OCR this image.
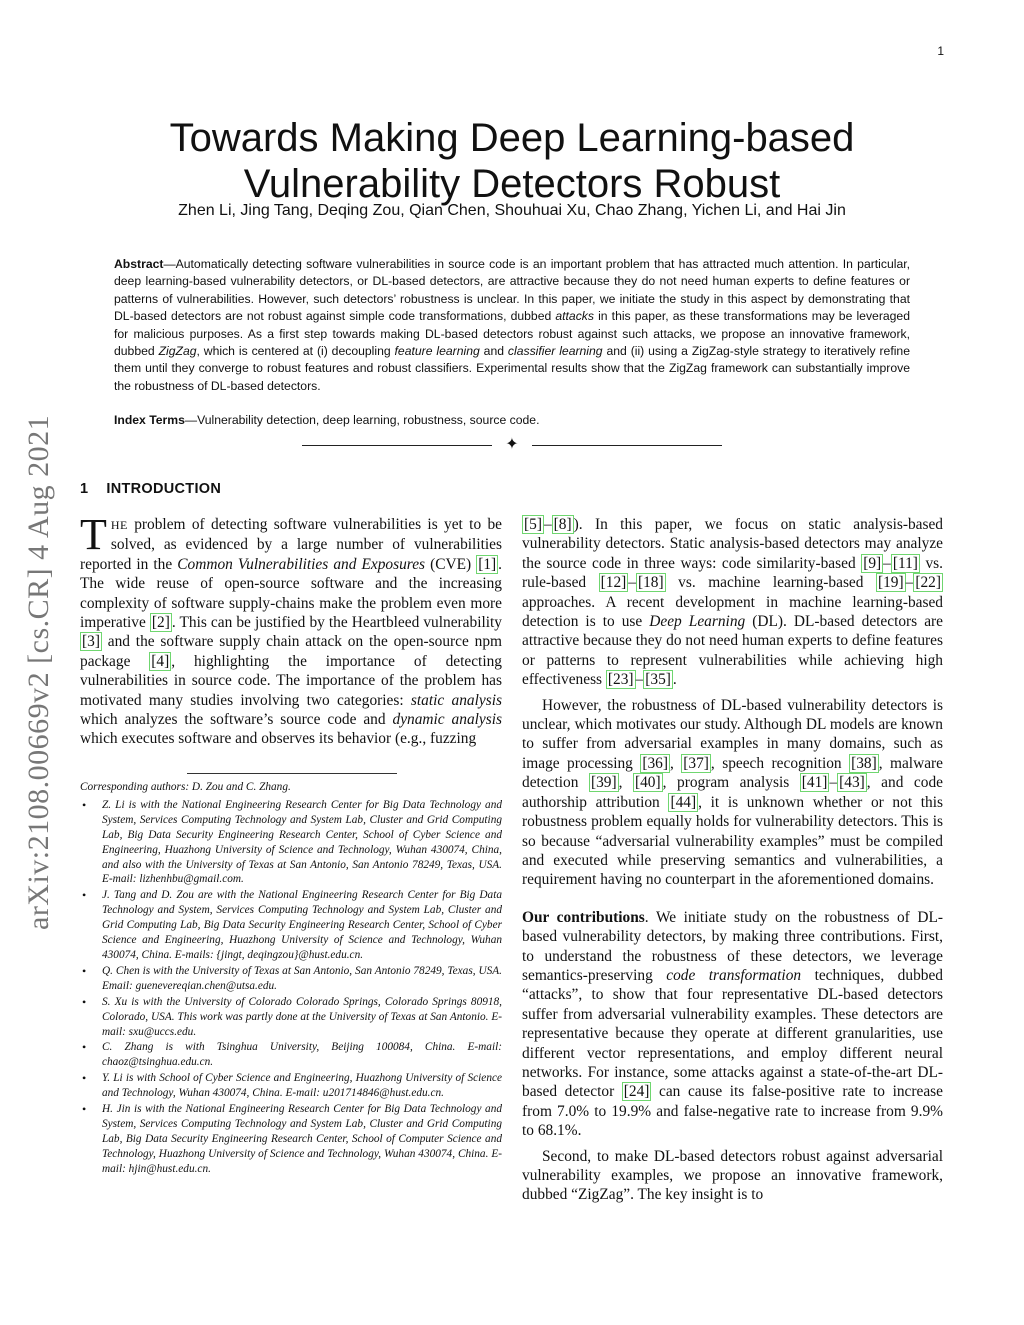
1
arXiv:2108.00669v2 [cs.CR] 4 Aug 2021
Towards Making Deep Learning-based
Vulnerability Detectors Robust
Zhen Li, Jing Tang, Deqing Zou, Qian Chen, Shouhuai Xu, Chao Zhang, Yichen Li, and Hai Jin
Abstract—Automatically detecting software vulnerabilities in source code is an important problem that has attracted much attention. In particular, deep learning-based vulnerability detectors, or DL-based detectors, are attractive because they do not need human experts to define features or patterns of vulnerabilities. However, such detectors’ robustness is unclear. In this paper, we initiate the study in this aspect by demonstrating that DL-based detectors are not robust against simple code transformations, dubbed attacks in this paper, as these transformations may be leveraged for malicious purposes. As a first step towards making DL-based detectors robust against such attacks, we propose an innovative framework, dubbed ZigZag, which is centered at (i) decoupling feature learning and classifier learning and (ii) using a ZigZag-style strategy to iteratively refine them until they converge to robust features and robust classifiers. Experimental results show that the ZigZag framework can substantially improve the robustness of DL-based detectors.
Index Terms—Vulnerability detection, deep learning, robustness, source code.
✦
1 INTRODUCTION

THE problem of detecting software vulnerabilities is yet to be solved, as evidenced by a large number of vulnerabilities reported in the Common Vulnerabilities and Exposures (CVE) [1] . The wide reuse of open-source software and the increasing complexity of software supply-chains make the problem even more imperative [2] . This can be justified by the Heartbleed vulnerability [3] and the software supply chain attack on the open-source npm package [4] , highlighting the importance of detecting vulnerabilities in source code. The importance of the problem has motivated many studies involving two categories: static analysis which analyzes the software’s source code and dynamic analysis which executes software and observes its behavior (e.g., fuzzing

Corresponding authors: D. Zou and C. Zhang.

• Z. Li is with the National Engineering Research Center for Big Data Technology and System, Services Computing Technology and System Lab, Cluster and Grid Computing Lab, Big Data Security Engineering Research Center, School of Cyber Science and Engineering, Huazhong University of Science and Technology, Wuhan 430074, China, and also with the University of Texas at San Antonio, San Antonio 78249, Texas, USA. E-mail: lizhenhbu@gmail.com.
• J. Tang and D. Zou are with the National Engineering Research Center for Big Data Technology and System, Services Computing Technology and System Lab, Cluster and Grid Computing Lab, Big Data Security Engineering Research Center, School of Cyber Science and Engineering, Huazhong University of Science and Technology, Wuhan 430074, China. E-mails: {jingt, deqingzou}@hust.edu.cn.
• Q. Chen is with the University of Texas at San Antonio, San Antonio 78249, Texas, USA. Email: guenevereqian.chen@utsa.edu.
• S. Xu is with the University of Colorado Colorado Springs, Colorado Springs 80918, Colorado, USA. This work was partly done at the University of Texas at San Antonio. E-mail: sxu@uccs.edu.
• C. Zhang is with Tsinghua University, Beijing 100084, China. E-mail: chaoz@tsinghua.edu.cn.
• Y. Li is with School of Cyber Science and Engineering, Huazhong University of Science and Technology, Wuhan 430074, China. E-mail: u201714846@hust.edu.cn.
• H. Jin is with the National Engineering Research Center for Big Data Technology and System, Services Computing Technology and System Lab, Cluster and Grid Computing Lab, Big Data Security Engineering Research Center, School of Computer Science and Technology, Huazhong University of Science and Technology, Wuhan 430074, China. E-mail: hjin@hust.edu.cn.

[5] – [8] ). In this paper, we focus on static analysis-based vulnerability detectors. Static analysis-based detectors may analyze the source code in three ways: code similarity-based [9] – [11] vs. rule-based [12] – [18] vs. machine learning-based [19] – [22] approaches. A recent development in machine learning-based detection is to use Deep Learning (DL). DL-based detectors are attractive because they do not need human experts to define features or patterns to represent vulnerabilities while achieving high effectiveness [23] – [35] .

However, the robustness of DL-based vulnerability detectors is unclear, which motivates our study. Although DL models are known to suffer from adversarial examples in many domains, such as image processing [36] , [37] , speech recognition [38] , malware detection [39] , [40] , program analysis [41] – [43] , and code authorship attribution [44] , it is unknown whether or not this robustness problem equally holds for vulnerability detectors. This is so because “adversarial vulnerability examples” must be compiled and executed while preserving semantics and vulnerabilities, a requirement having no counterpart in the aforementioned domains.

Our contributions. We initiate study on the robustness of DL-based vulnerability detectors, by making three contributions. First, to understand the robustness of these detectors, we leverage semantics-preserving code transformation techniques, dubbed “attacks”, to show that four representative DL-based detectors suffer from adversarial vulnerability examples. These detectors are representative because they operate at different granularities, use different vector representations, and employ different neural networks. For instance, some attacks against a state-of-the-art DL-based detector [24] can cause its false-positive rate to increase from 7.0% to 19.9% and false-negative rate to increase from 9.9% to 68.1%.

Second, to make DL-based detectors robust against adversarial vulnerability examples, we propose an innovative framework, dubbed “ZigZag”. The key insight is to
